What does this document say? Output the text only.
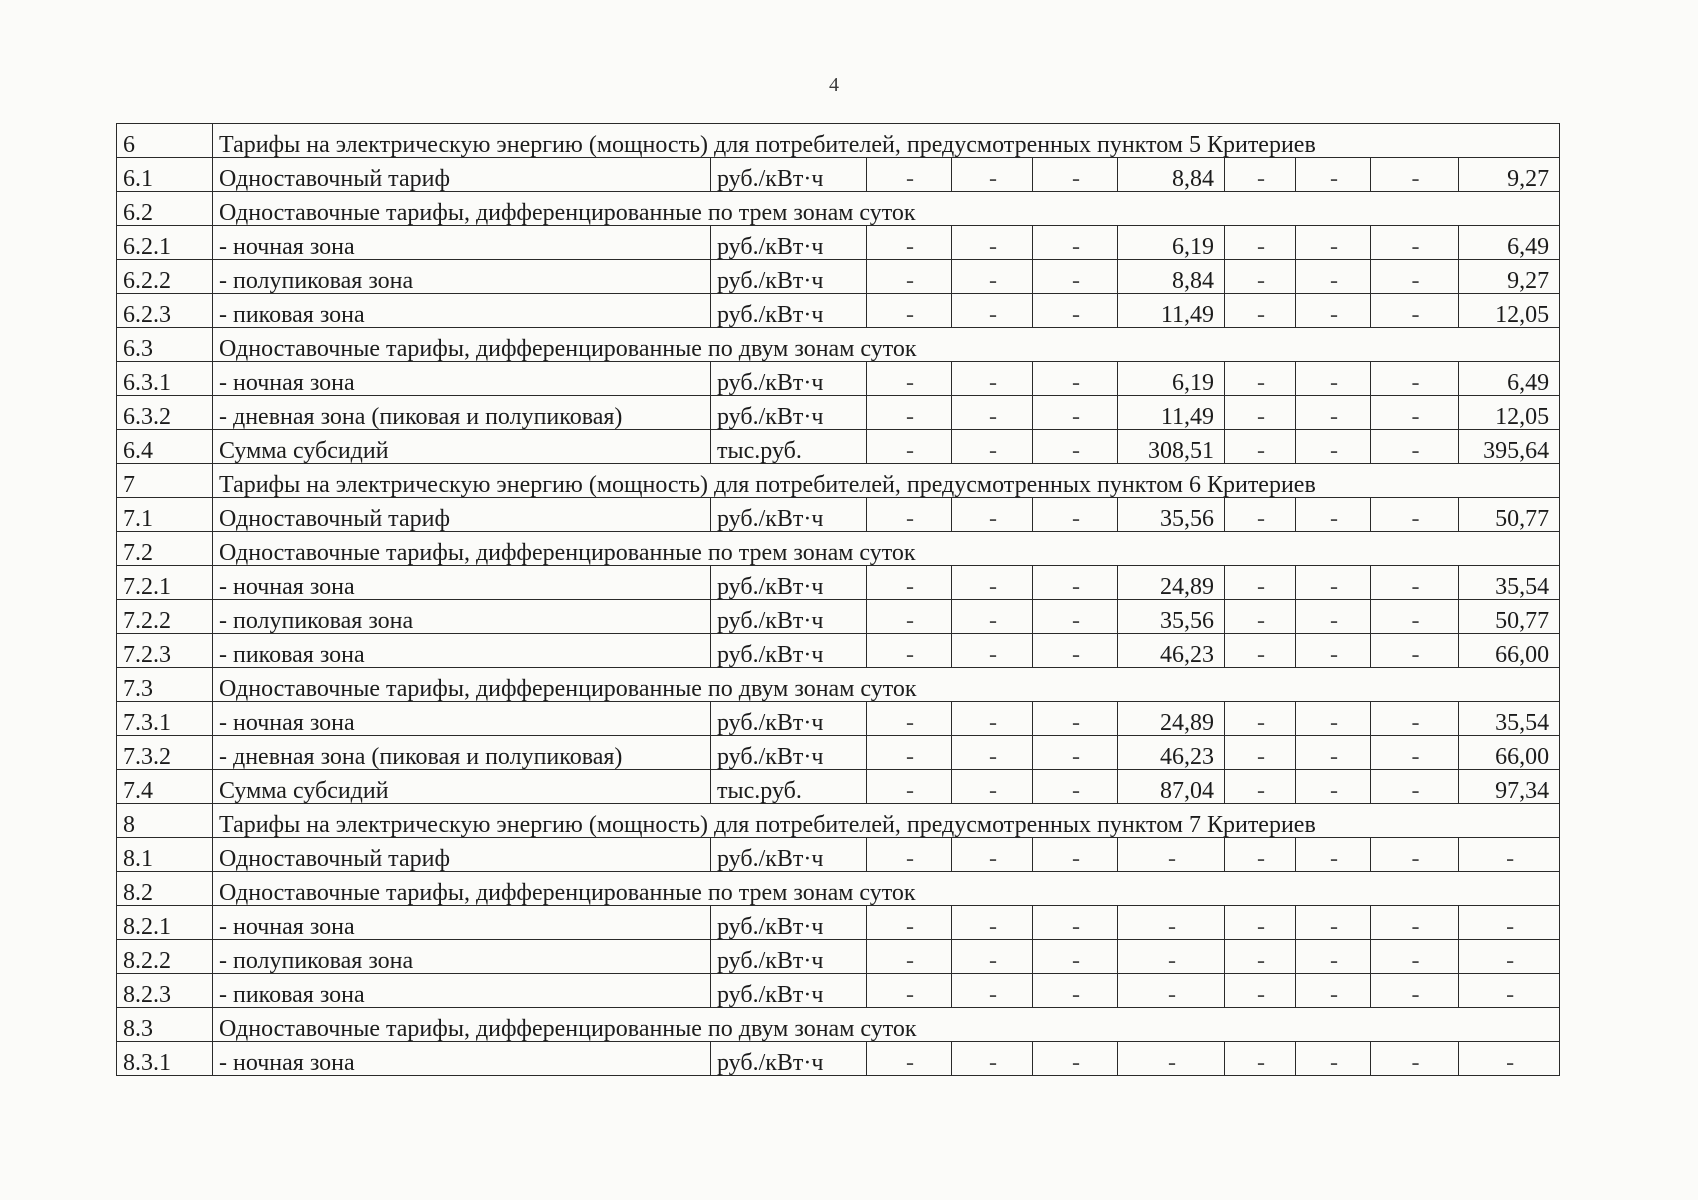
4
6	Тарифы на электрическую энергию (мощность) для потребителей, предусмотренных пунктом 5 Критериев									
6.1	Одноставочный тариф	руб./кВт·ч	-	-	-	8,84	-	-	-	9,27
6.2	Одноставочные тарифы, дифференцированные по трем зонам суток									
6.2.1	- ночная зона	руб./кВт·ч	-	-	-	6,19	-	-	-	6,49
6.2.2	- полупиковая зона	руб./кВт·ч	-	-	-	8,84	-	-	-	9,27
6.2.3	- пиковая зона	руб./кВт·ч	-	-	-	11,49	-	-	-	12,05
6.3	Одноставочные тарифы, дифференцированные по двум зонам суток									
6.3.1	- ночная зона	руб./кВт·ч	-	-	-	6,19	-	-	-	6,49
6.3.2	- дневная зона (пиковая и полупиковая)	руб./кВт·ч	-	-	-	11,49	-	-	-	12,05
6.4	Сумма субсидий	тыс.руб.	-	-	-	308,51	-	-	-	395,64
7	Тарифы на электрическую энергию (мощность) для потребителей, предусмотренных пунктом 6 Критериев									
7.1	Одноставочный тариф	руб./кВт·ч	-	-	-	35,56	-	-	-	50,77
7.2	Одноставочные тарифы, дифференцированные по трем зонам суток									
7.2.1	- ночная зона	руб./кВт·ч	-	-	-	24,89	-	-	-	35,54
7.2.2	- полупиковая зона	руб./кВт·ч	-	-	-	35,56	-	-	-	50,77
7.2.3	- пиковая зона	руб./кВт·ч	-	-	-	46,23	-	-	-	66,00
7.3	Одноставочные тарифы, дифференцированные по двум зонам суток									
7.3.1	- ночная зона	руб./кВт·ч	-	-	-	24,89	-	-	-	35,54
7.3.2	- дневная зона (пиковая и полупиковая)	руб./кВт·ч	-	-	-	46,23	-	-	-	66,00
7.4	Сумма субсидий	тыс.руб.	-	-	-	87,04	-	-	-	97,34
8	Тарифы на электрическую энергию (мощность) для потребителей, предусмотренных пунктом 7 Критериев									
8.1	Одноставочный тариф	руб./кВт·ч	-	-	-	-	-	-	-	-
8.2	Одноставочные тарифы, дифференцированные по трем зонам суток									
8.2.1	- ночная зона	руб./кВт·ч	-	-	-	-	-	-	-	-
8.2.2	- полупиковая зона	руб./кВт·ч	-	-	-	-	-	-	-	-
8.2.3	- пиковая зона	руб./кВт·ч	-	-	-	-	-	-	-	-
8.3	Одноставочные тарифы, дифференцированные по двум зонам суток									
8.3.1	- ночная зона	руб./кВт·ч	-	-	-	-	-	-	-	-
